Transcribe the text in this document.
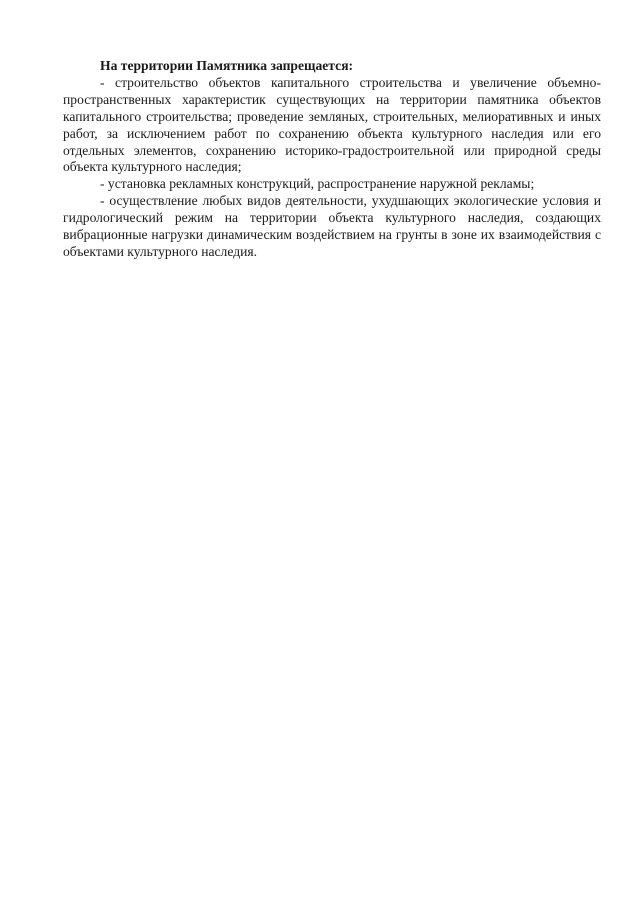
На территории Памятника запрещается:

- строительство объектов капитального строительства и увеличение объемно-пространственных характеристик существующих на территории памятника объектов капитального строительства; проведение земляных, строительных, мелиоративных и иных работ, за исключением работ по сохранению объекта культурного наследия или его отдельных элементов, сохранению историко-градостроительной или природной среды объекта культурного наследия;

- установка рекламных конструкций, распространение наружной рекламы;

- осуществление любых видов деятельности, ухудшающих экологические условия и гидрологический режим на территории объекта культурного наследия, создающих вибрационные нагрузки динамическим воздействием на грунты в зоне их взаимодействия с объектами культурного наследия.
